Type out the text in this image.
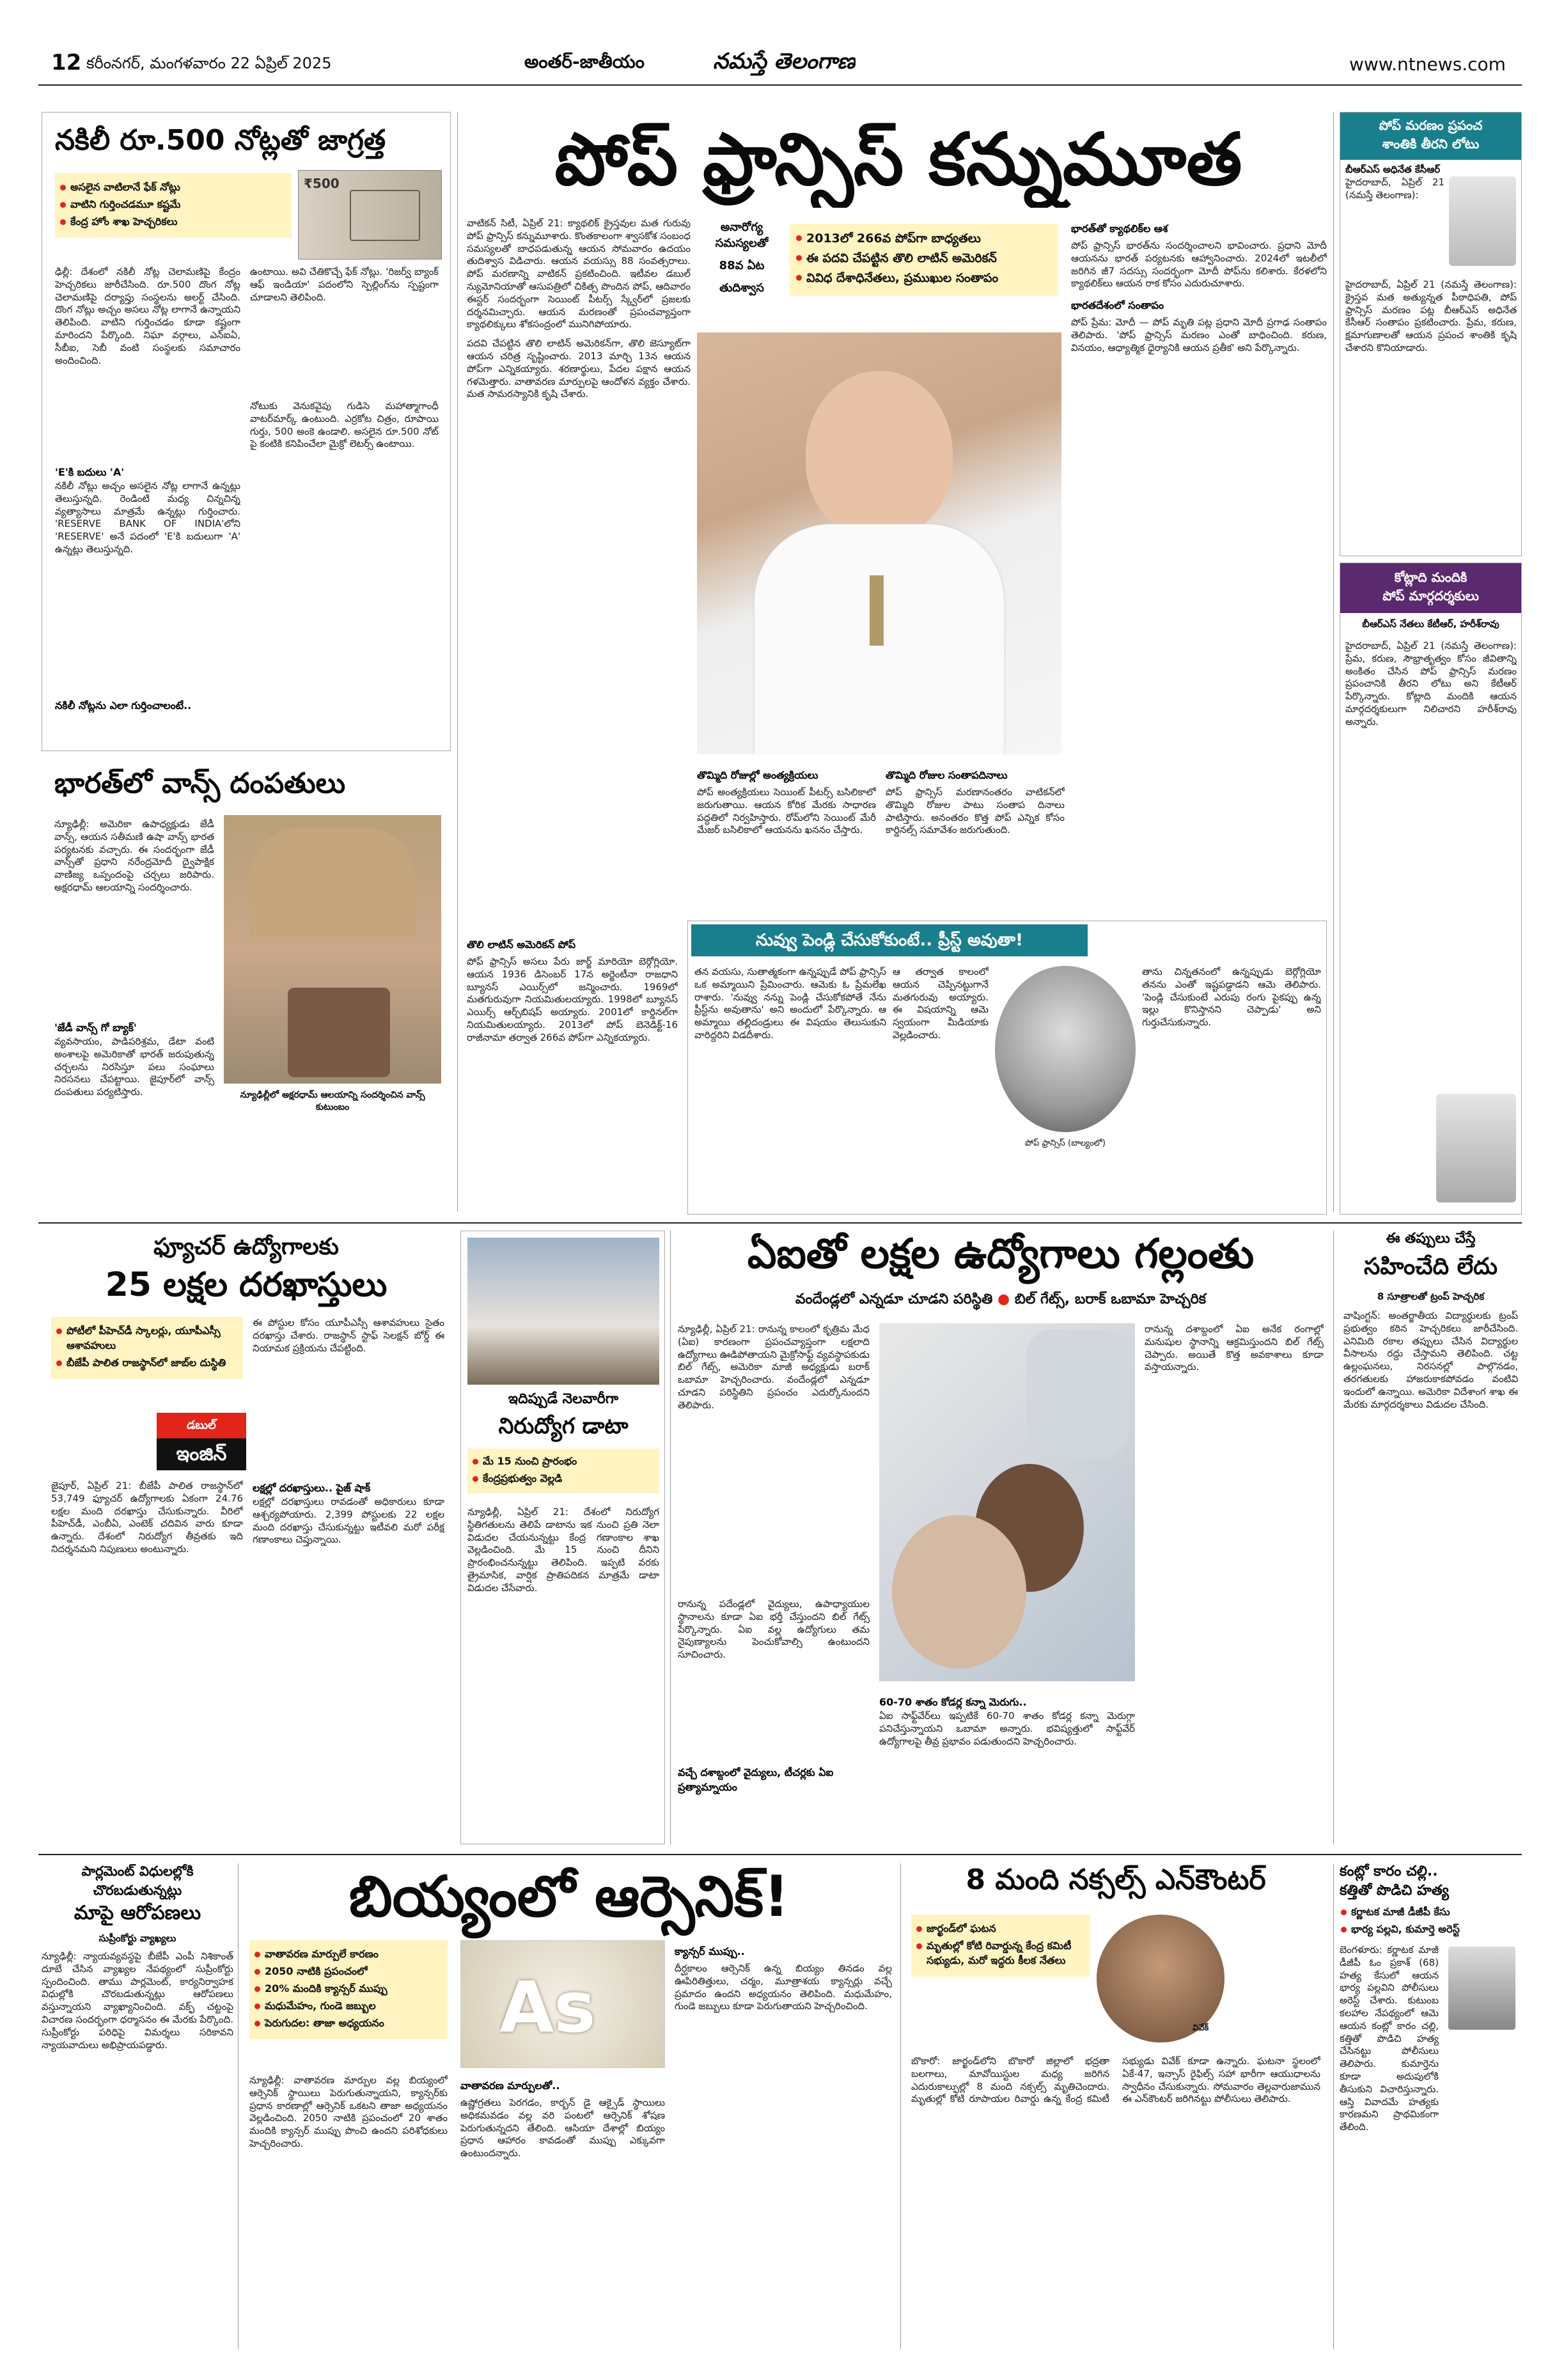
12 కరీంనగర్‌, మంగళవారం 22 ఏప్రిల్‌ 2025	అంతర్‌-జాతీయం	నమస్తే తెలంగాణ	www.ntnews.com
నకిలీ రూ.500 నోట్లతో జాగ్రత్త
అసలైన వాటిలానే ఫేక్‌ నోట్లు
వాటిని గుర్తించడమూ కష్టమే
కేంద్ర హోం శాఖ హెచ్చరికలు
₹500
ఢిల్లీ: దేశంలో నకిలీ నోట్ల చెలామణిపై కేంద్రం హెచ్చరికలు జారీచేసింది. రూ.500 దొంగ నోట్ల చెలామణిపై దర్యాప్తు సంస్థలను అలర్ట్‌ చేసింది. దొంగ నోట్లు అచ్చం అసలు నోట్ల లాగానే ఉన్నాయని తెలిపింది. వాటిని గుర్తించడం కూడా కష్టంగా మారిందని పేర్కొంది. నిఘా వర్గాలు, ఎన్‌ఐఏ, సీబీఐ, సెబీ వంటి సంస్థలకు సమాచారం అందించింది.
ఉంటాయి. అవి చేతికొచ్చే ఫేక్‌ నోట్లు. 'రిజర్వ్‌ బ్యాంక్‌ ఆఫ్‌ ఇండియా' పదంలోని స్పెల్లింగ్‌ను స్పష్టంగా చూడాలని తెలిపింది.
'E'కి బదులు 'A'
నకిలీ నోట్లు అచ్చం అసలైన నోట్ల లాగానే ఉన్నట్లు తెలుస్తున్నది. రెండింటి మధ్య చిన్నచిన్న వ్యత్యాసాలు మాత్రమే ఉన్నట్లు గుర్తించారు. 'RESERVE BANK OF INDIA'లోని 'RESERVE' అనే పదంలో 'E'కి బదులుగా 'A' ఉన్నట్లు తెలుస్తున్నది.
నోటుకు వెనుకవైపు గుడిసె మహాత్మాగాంధీ వాటర్‌మార్క్‌ ఉంటుంది. ఎర్రకోట చిత్రం, రూపాయి గుర్తు, 500 అంకె ఉండాలి. అసలైన రూ.500 నోట్‌ పై కంటికి కనిపించేలా మైక్రో లెటర్స్‌ ఉంటాయి.
నకిలీ నోట్లను ఎలా గుర్తించాలంటే..
భారత్‌లో వాన్స్‌ దంపతులు
న్యూఢిల్లీ: అమెరికా ఉపాధ్యక్షుడు జేడీ వాన్స్‌, ఆయన సతీమణి ఉషా వాన్స్‌ భారత పర్యటనకు వచ్చారు. ఈ సందర్భంగా జేడీ వాన్స్‌తో ప్రధాని నరేంద్రమోదీ ద్వైపాక్షిక వాణిజ్య ఒప్పందంపై చర్చలు జరిపారు. అక్షరధామ్‌ ఆలయాన్ని సందర్శించారు.
'జేడీ వాన్స్‌ గో బ్యాక్‌'
వ్యవసాయం, పాడిపరిశ్రమ, డేటా వంటి అంశాలపై అమెరికాతో భారత్‌ జరుపుతున్న చర్చలను నిరసిస్తూ పలు సంఘాలు నిరసనలు చేపట్టాయి. జైపూర్‌లో వాన్స్‌ దంపతులు పర్యటిస్తారు.	న్యూఢిల్లీలో అక్షరధామ్‌ ఆలయాన్ని సందర్శించిన వాన్స్‌ కుటుంబం
పోప్‌ ఫ్రాన్సిస్‌ కన్నుమూత
వాటికన్‌ సిటీ, ఏప్రిల్‌ 21: క్యాథలిక్‌ క్రైస్తవుల మత గురువు పోప్‌ ఫ్రాన్సిస్‌ కన్నుమూశారు. కొంతకాలంగా శ్వాసకోశ సంబంధ సమస్యలతో బాధపడుతున్న ఆయన సోమవారం ఉదయం తుదిశ్వాస విడిచారు. ఆయన వయస్సు 88 సంవత్సరాలు. పోప్‌ మరణాన్ని వాటికన్‌ ప్రకటించింది. ఇటీవల డబుల్‌ న్యుమోనియాతో ఆసుపత్రిలో చికిత్స పొందిన పోప్‌, ఆదివారం ఈస్టర్‌ సందర్భంగా సెయింట్‌ పీటర్స్‌ స్క్వేర్‌లో ప్రజలకు దర్శనమిచ్చారు. ఆయన మరణంతో ప్రపంచవ్యాప్తంగా క్యాథలిక్కులు శోకసంద్రంలో మునిగిపోయారు.
పదవి చేపట్టిన తొలి లాటిన్‌ అమెరికన్‌గా, తొలి జెస్యూట్‌గా ఆయన చరిత్ర సృష్టించారు. 2013 మార్చి 13న ఆయన పోప్‌గా ఎన్నికయ్యారు. శరణార్థులు, పేదల పక్షాన ఆయన గళమెత్తారు. వాతావరణ మార్పులపై ఆందోళన వ్యక్తం చేశారు. మత సామరస్యానికి కృషి చేశారు.
అనారోగ్య సమస్యలతో
88వ ఏట
తుదిశ్వాస
2013లో 266వ పోప్‌గా బాధ్యతలు
ఈ పదవి చేపట్టిన తొలి లాటిన్‌ అమెరికన్‌
వివిధ దేశాధినేతలు, ప్రముఖుల సంతాపం
తొమ్మిది రోజుల్లో అంత్యక్రియలు
పోప్‌ అంత్యక్రియలు సెయింట్‌ పీటర్స్‌ బసిలికాలో జరుగుతాయి. ఆయన కోరిక మేరకు సాధారణ పద్ధతిలో నిర్వహిస్తారు. రోమ్‌లోని సెయింట్‌ మేరీ మేజర్‌ బసిలికాలో ఆయనను ఖననం చేస్తారు.
తొమ్మిది రోజుల సంతాపదినాలు
పోప్‌ ఫ్రాన్సిస్‌ మరణానంతరం వాటికన్‌లో తొమ్మిది రోజుల పాటు సంతాప దినాలు పాటిస్తారు. అనంతరం కొత్త పోప్‌ ఎన్నిక కోసం కార్డినల్స్‌ సమావేశం జరుగుతుంది.
భారత్‌తో క్యాథలిక్‌ల ఆశ
పోప్‌ ఫ్రాన్సిస్‌ భారత్‌ను సందర్శించాలని భావించారు. ప్రధాని మోదీ ఆయనను భారత్‌ పర్యటనకు ఆహ్వానించారు. 2024లో ఇటలీలో జరిగిన జీ7 సదస్సు సందర్భంగా మోదీ పోప్‌ను కలిశారు. కేరళలోని క్యాథలిక్‌లు ఆయన రాక కోసం ఎదురుచూశారు.
భారతదేశంలో సంతాపం
పోప్‌ ప్రేమ: మోదీ — పోప్‌ మృతి పట్ల ప్రధాని మోదీ ప్రగాఢ సంతాపం తెలిపారు. 'పోప్‌ ఫ్రాన్సిస్‌ మరణం ఎంతో బాధించింది. కరుణ, వినయం, ఆధ్యాత్మిక ధైర్యానికి ఆయన ప్రతీక' అని పేర్కొన్నారు.
తొలి లాటిన్‌ అమెరికన్‌ పోప్‌
పోప్‌ ఫ్రాన్సిస్‌ అసలు పేరు జార్జ్‌ మారియో బెర్గోగ్లియో. ఆయన 1936 డిసెంబర్‌ 17న అర్జెంటీనా రాజధాని బ్యూనస్‌ ఎయిర్స్‌లో జన్మించారు. 1969లో మతగురువుగా నియమితులయ్యారు. 1998లో బ్యూనస్‌ ఎయిర్స్‌ ఆర్చ్‌బిషప్‌ అయ్యారు. 2001లో కార్డినల్‌గా నియమితులయ్యారు. 2013లో పోప్‌ బెనెడిక్ట్‌-16 రాజీనామా తర్వాత 266వ పోప్‌గా ఎన్నికయ్యారు.
నువ్వు పెండ్లి చేసుకోకుంటే.. ప్రీస్ట్‌ అవుతా!
తన వయసు, సుతాత్మకంగా ఉన్నప్పుడే పోప్‌ ఫ్రాన్సిస్‌ ఒక అమ్మాయిని ప్రేమించారు. ఆమెకు ఓ ప్రేమలేఖ రాశారు. 'నువ్వు నన్ను పెండ్లి చేసుకోకపోతే నేను ప్రీస్ట్‌ను అవుతాను' అని అందులో పేర్కొన్నారు. ఆ అమ్మాయి తల్లిదండ్రులు ఈ విషయం తెలుసుకుని వారిద్దరిని విడదీశారు.
ఆ తర్వాత కాలంలో ఆయన చెప్పినట్టుగానే మతగురువు అయ్యారు. ఈ విషయాన్ని ఆమె స్వయంగా మీడియాకు వెల్లడించారు.
పోప్‌ ఫ్రాన్సిస్‌ (బాల్యంలో)
తాను చిన్నతనంలో ఉన్నప్పుడు బెర్గోగ్లియో తనను ఎంతో ఇష్టపడ్డాడని ఆమె తెలిపారు. 'పెండ్లి చేసుకుంటే ఎరుపు రంగు పైకప్పు ఉన్న ఇల్లు కొనిస్తానని చెప్పాడు' అని గుర్తుచేసుకున్నారు.
పోప్‌ మరణం ప్రపంచ
శాంతికి తీరని లోటు
బీఆర్‌ఎస్‌ అధినేత కేసీఆర్‌
హైదరాబాద్‌, ఏప్రిల్‌ 21 (నమస్తే తెలంగాణ):
హైదరాబాద్‌, ఏప్రిల్‌ 21 (నమస్తే తెలంగాణ): క్రైస్తవ మత అత్యున్నత పీఠాధిపతి, పోప్‌ ఫ్రాన్సిస్‌ మరణం పట్ల బీఆర్‌ఎస్‌ అధినేత కేసీఆర్‌ సంతాపం ప్రకటించారు. ప్రేమ, కరుణ, క్షమాగుణాలతో ఆయన ప్రపంచ శాంతికి కృషి చేశారని కొనియాడారు.
కోట్లాది మందికి
పోప్‌ మార్గదర్శకులు
బీఆర్‌ఎస్‌ నేతలు కేటీఆర్‌, హరీశ్‌రావు
హైదరాబాద్‌, ఏప్రిల్‌ 21 (నమస్తే తెలంగాణ): ప్రేమ, కరుణ, సౌభ్రాతృత్వం కోసం జీవితాన్ని అంకితం చేసిన పోప్‌ ఫ్రాన్సిస్‌ మరణం ప్రపంచానికి తీరని లోటు అని కేటీఆర్‌ పేర్కొన్నారు. కోట్లాది మందికి ఆయన మార్గదర్శకులుగా నిలిచారని హరీశ్‌రావు అన్నారు.
ఫ్యూచర్‌ ఉద్యోగాలకు
25 లక్షల దరఖాస్తులు
పోటీలో పీహెచ్‌డీ స్కాలర్లు, యూపీఎస్సీ ఆశావహులు
బీజేపీ పాలిత రాజస్థాన్‌లో జాబ్‌ల దుస్థితి
డబుల్‌
ఇంజిన్‌
జైపూర్‌, ఏప్రిల్‌ 21: బీజేపీ పాలిత రాజస్థాన్‌లో 53,749 ఫ్యూచర్‌ ఉద్యోగాలకు ఏకంగా 24.76 లక్షల మంది దరఖాస్తు చేసుకున్నారు. వీరిలో పీహెచ్‌డీ, ఎంబీఏ, ఎంటెక్‌ చదివిన వారు కూడా ఉన్నారు. దేశంలో నిరుద్యోగ తీవ్రతకు ఇది నిదర్శనమని నిపుణులు అంటున్నారు.
ఈ పోస్టుల కోసం యూపీఎస్సీ ఆశావహులు సైతం దరఖాస్తు చేశారు. రాజస్థాన్‌ స్టాఫ్‌ సెలక్షన్‌ బోర్డ్‌ ఈ నియామక ప్రక్రియను చేపట్టింది.
లక్షల్లో దరఖాస్తులు.. పైజ్‌ షాక్‌
లక్షల్లో దరఖాస్తులు రావడంతో అధికారులు కూడా ఆశ్చర్యపోయారు. 2,399 పోస్టులకు 22 లక్షల మంది దరఖాస్తు చేసుకున్నట్టు ఇటీవలి మరో పరీక్ష గణాంకాలు చెప్తున్నాయి.
ఇదిప్పుడే నెలవారీగా
నిరుద్యోగ డాటా
మే 15 నుంచి ప్రారంభం
కేంద్రప్రభుత్వం వెల్లడి
న్యూఢిల్లీ, ఏప్రిల్‌ 21: దేశంలో నిరుద్యోగ స్థితిగతులను తెలిపే డాటాను ఇక నుంచి ప్రతి నెలా విడుదల చేయనున్నట్టు కేంద్ర గణాంకాల శాఖ వెల్లడించింది. మే 15 నుంచి దీనిని ప్రారంభించనున్నట్టు తెలిపింది. ఇప్పటి వరకు త్రైమాసిక, వార్షిక ప్రాతిపదికన మాత్రమే డాటా విడుదల చేసేవారు.
ఏఐతో లక్షల ఉద్యోగాలు గల్లంతు
వందేండ్లలో ఎన్నడూ చూడని పరిస్థితి ● బిల్‌ గేట్స్‌, బరాక్‌ ఒబామా హెచ్చరిక
న్యూఢిల్లీ, ఏప్రిల్‌ 21: రానున్న కాలంలో కృత్రిమ మేధ (ఏఐ) కారణంగా ప్రపంచవ్యాప్తంగా లక్షలాది ఉద్యోగాలు ఊడిపోతాయని మైక్రోసాఫ్ట్‌ వ్యవస్థాపకుడు బిల్‌ గేట్స్‌, అమెరికా మాజీ అధ్యక్షుడు బరాక్‌ ఒబామా హెచ్చరించారు. వందేండ్లలో ఎన్నడూ చూడని పరిస్థితిని ప్రపంచం ఎదుర్కోనుందని తెలిపారు.
రానున్న పదేండ్లలో వైద్యులు, ఉపాధ్యాయుల స్థానాలను కూడా ఏఐ భర్తీ చేస్తుందని బిల్‌ గేట్స్‌ పేర్కొన్నారు. ఏఐ వల్ల ఉద్యోగులు తమ నైపుణ్యాలను పెంచుకోవాల్సి ఉంటుందని సూచించారు.
60-70 శాతం కోడర్ల కన్నా మెరుగు..
ఏఐ సాఫ్ట్‌వేర్‌లు ఇప్పటికే 60-70 శాతం కోడర్ల కన్నా మెరుగ్గా పనిచేస్తున్నాయని ఒబామా అన్నారు. భవిష్యత్తులో సాఫ్ట్‌వేర్‌ ఉద్యోగాలపై తీవ్ర ప్రభావం పడుతుందని హెచ్చరించారు.
వచ్చే దశాబ్దంలో వైద్యులు, టీచర్లకు ఏఐ ప్రత్యామ్నాయం
రానున్న దశాబ్దంలో ఏఐ అనేక రంగాల్లో మనుషుల స్థానాన్ని ఆక్రమిస్తుందని బిల్‌ గేట్స్‌ చెప్పారు. అయితే కొత్త అవకాశాలు కూడా వస్తాయన్నారు.
ఈ తప్పులు చేస్తే
సహించేది లేదు
8 సూత్రాలతో ట్రంప్‌ హెచ్చరిక
వాషింగ్టన్‌: అంతర్జాతీయ విద్యార్థులకు ట్రంప్‌ ప్రభుత్వం కఠిన హెచ్చరికలు జారీచేసింది. ఎనిమిది రకాల తప్పులు చేసిన విద్యార్థుల వీసాలను రద్దు చేస్తామని తెలిపింది. చట్ట ఉల్లంఘనలు, నిరసనల్లో పాల్గొనడం, తరగతులకు హాజరుకాకపోవడం వంటివి ఇందులో ఉన్నాయి. అమెరికా విదేశాంగ శాఖ ఈ మేరకు మార్గదర్శకాలు విడుదల చేసింది.
పార్లమెంట్‌ విధులల్లోకి
చొరబడుతున్నట్లు
మాపై ఆరోపణలు
సుప్రీంకోర్టు వ్యాఖ్యలు
న్యూఢిల్లీ: న్యాయవ్యవస్థపై బీజేపీ ఎంపీ నిశికాంత్‌ దూబే చేసిన వ్యాఖ్యల నేపథ్యంలో సుప్రీంకోర్టు స్పందించింది. తాము పార్లమెంట్‌, కార్యనిర్వాహక విధుల్లోకి చొరబడుతున్నట్లు ఆరోపణలు వస్తున్నాయని వ్యాఖ్యానించింది. వక్ఫ్‌ చట్టంపై విచారణ సందర్భంగా ధర్మాసనం ఈ మేరకు పేర్కొంది. సుప్రీంకోర్టు పరిధిపై విమర్శలు సరికావని న్యాయవాదులు అభిప్రాయపడ్డారు.
బియ్యంలో ఆర్సెనిక్‌!
వాతావరణ మార్పులే కారణం
2050 నాటికి ప్రపంచంలో
20% మందికి క్యాన్సర్‌ ముప్పు
మధుమేహం, గుండె జబ్బుల
పెరుగుదల: తాజా అధ్యయనం	As
న్యూఢిల్లీ: వాతావరణ మార్పుల వల్ల బియ్యంలో ఆర్సెనిక్‌ స్థాయిలు పెరుగుతున్నాయని, క్యాన్సర్‌కు ప్రధాన కారణాల్లో ఆర్సెనిక్‌ ఒకటని తాజా అధ్యయనం వెల్లడించింది. 2050 నాటికి ప్రపంచంలో 20 శాతం మందికి క్యాన్సర్‌ ముప్పు పొంచి ఉందని పరిశోధకులు హెచ్చరించారు.
వాతావరణ మార్పులతో..
ఉష్ణోగ్రతలు పెరగడం, కార్బన్‌ డై ఆక్సైడ్‌ స్థాయిలు అధికమవడం వల్ల వరి పంటలో ఆర్సెనిక్‌ శోషణ పెరుగుతున్నదని తేలింది. ఆసియా దేశాల్లో బియ్యం ప్రధాన ఆహారం కావడంతో ముప్పు ఎక్కువగా ఉంటుందన్నారు.
క్యాన్సర్‌ ముప్పు..
దీర్ఘకాలం ఆర్సెనిక్‌ ఉన్న బియ్యం తినడం వల్ల ఊపిరితిత్తులు, చర్మం, మూత్రాశయ క్యాన్సర్లు వచ్చే ప్రమాదం ఉందని అధ్యయనం తెలిపింది. మధుమేహం, గుండె జబ్బులు కూడా పెరుగుతాయని హెచ్చరించింది.
8 మంది నక్సల్స్‌ ఎన్‌కౌంటర్‌
జార్ఖండ్‌లో ఘటన
మృతుల్లో కోటి రివార్డున్న కేంద్ర కమిటీ సభ్యుడు, మరో ఇద్దరు కీలక నేతలు
వివేక్‌
బొకారో: జార్ఖండ్‌లోని బొకారో జిల్లాలో భద్రతా బలగాలు, మావోయిస్టుల మధ్య జరిగిన ఎదురుకాల్పుల్లో 8 మంది నక్సల్స్‌ మృతిచెందారు. మృతుల్లో కోటి రూపాయల రివార్డు ఉన్న కేంద్ర కమిటీ సభ్యుడు వివేక్‌ కూడా ఉన్నారు. ఘటనా స్థలంలో ఏకే-47, ఇన్సాస్‌ రైఫిల్స్‌ సహా భారీగా ఆయుధాలను స్వాధీనం చేసుకున్నారు. సోమవారం తెల్లవారుజామున ఈ ఎన్‌కౌంటర్‌ జరిగినట్టు పోలీసులు తెలిపారు.
కంట్లో కారం చల్లి..
కత్తితో పొడిచి హత్య
కర్ణాటక మాజీ డీజీపీ కేసు
భార్య పల్లవి, కుమార్తె అరెస్ట్‌
బెంగళూరు: కర్ణాటక మాజీ డీజీపీ ఓం ప్రకాశ్‌ (68) హత్య కేసులో ఆయన భార్య పల్లవిని పోలీసులు అరెస్ట్‌ చేశారు. కుటుంబ కలహాల నేపథ్యంలో ఆమె ఆయన కంట్లో కారం చల్లి, కత్తితో పొడిచి హత్య చేసినట్టు పోలీసులు తెలిపారు. కుమార్తెను కూడా అదుపులోకి తీసుకుని విచారిస్తున్నారు. ఆస్తి వివాదమే హత్యకు కారణమని ప్రాథమికంగా తేలింది.
